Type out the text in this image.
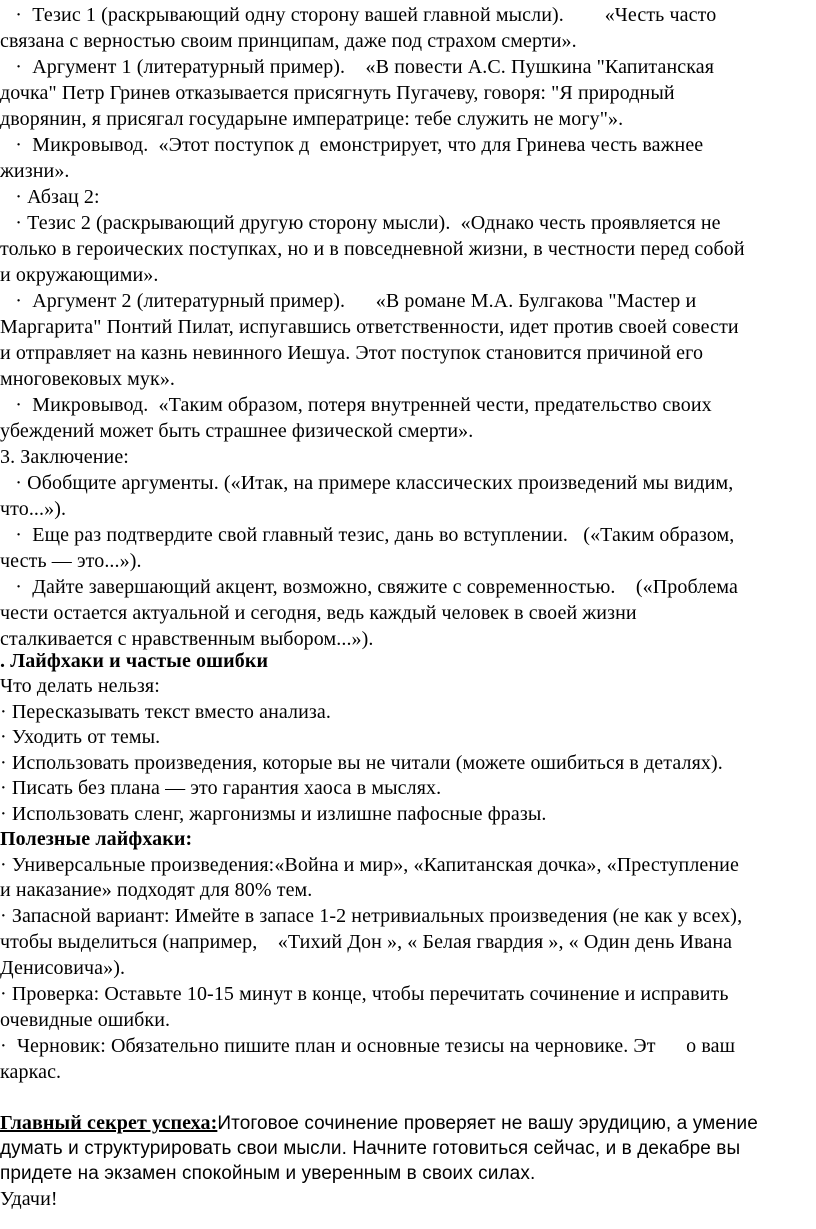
·  Тезис 1 (раскрывающий одну сторону вашей главной мысли).        «Честь часто
связана с верностью своим принципам, даже под страхом смерти».
·  Аргумент 1 (литературный пример).    «В повести А.С. Пушкина "Капитанская
дочка" Петр Гринев отказывается присягнуть Пугачеву, говоря: "Я природный
дворянин, я присягал государыне императрице: тебе служить не могу"».
·  Микровывод.  «Этот поступок д  емонстрирует, что для Гринева честь важнее
жизни».
· Абзац 2:
· Тезис 2 (раскрывающий другую сторону мысли).  «Однако честь проявляется не
только в героических поступках, но и в повседневной жизни, в честности перед собой
и окружающими».
·  Аргумент 2 (литературный пример).      «В романе М.А. Булгакова "Мастер и
Маргарита" Понтий Пилат, испугавшись ответственности, идет против своей совести
и отправляет на казнь невинного Иешуа. Этот поступок становится причиной его
многовековых мук».
·  Микровывод.  «Таким образом, потеря внутренней чести, предательство своих
убеждений может быть страшнее физической смерти».
3. Заключение:
· Обобщите аргументы. («Итак, на примере классических произведений мы видим,
что...»).
·  Еще раз подтвердите свой главный тезис, дань во вступлении.   («Таким образом,
честь — это...»).
·  Дайте завершающий акцент, возможно, свяжите с современностью.    («Проблема
чести остается актуальной и сегодня, ведь каждый человек в своей жизни
сталкивается с нравственным выбором...»).
. Лайфхаки и частые ошибки
Что делать нельзя:
· Пересказывать текст вместо анализа.
· Уходить от темы.
· Использовать произведения, которые вы не читали (можете ошибиться в деталях).
· Писать без плана — это гарантия хаоса в мыслях.
· Использовать сленг, жаргонизмы и излишне пафосные фразы.
Полезные лайфхаки:
· Универсальные произведения:«Война и мир», «Капитанская дочка», «Преступление
и наказание» подходят для 80% тем.
· Запасной вариант: Имейте в запасе 1-2 нетривиальных произведения (не как у всех),
чтобы выделиться (например,    «Тихий Дон », « Белая гвардия », « Один день Ивана
Денисовича»).
· Проверка: Оставьте 10-15 минут в конце, чтобы перечитать сочинение и исправить
очевидные ошибки.
·  Черновик: Обязательно пишите план и основные тезисы на черновике. Эт      о ваш
каркас.
Главный секрет успеха:Итоговое сочинение проверяет не вашу эрудицию, а умение
думать и структурировать свои мысли. Начните готовиться сейчас, и в декабре вы
придете на экзамен спокойным и уверенным в своих силах.
Удачи!
